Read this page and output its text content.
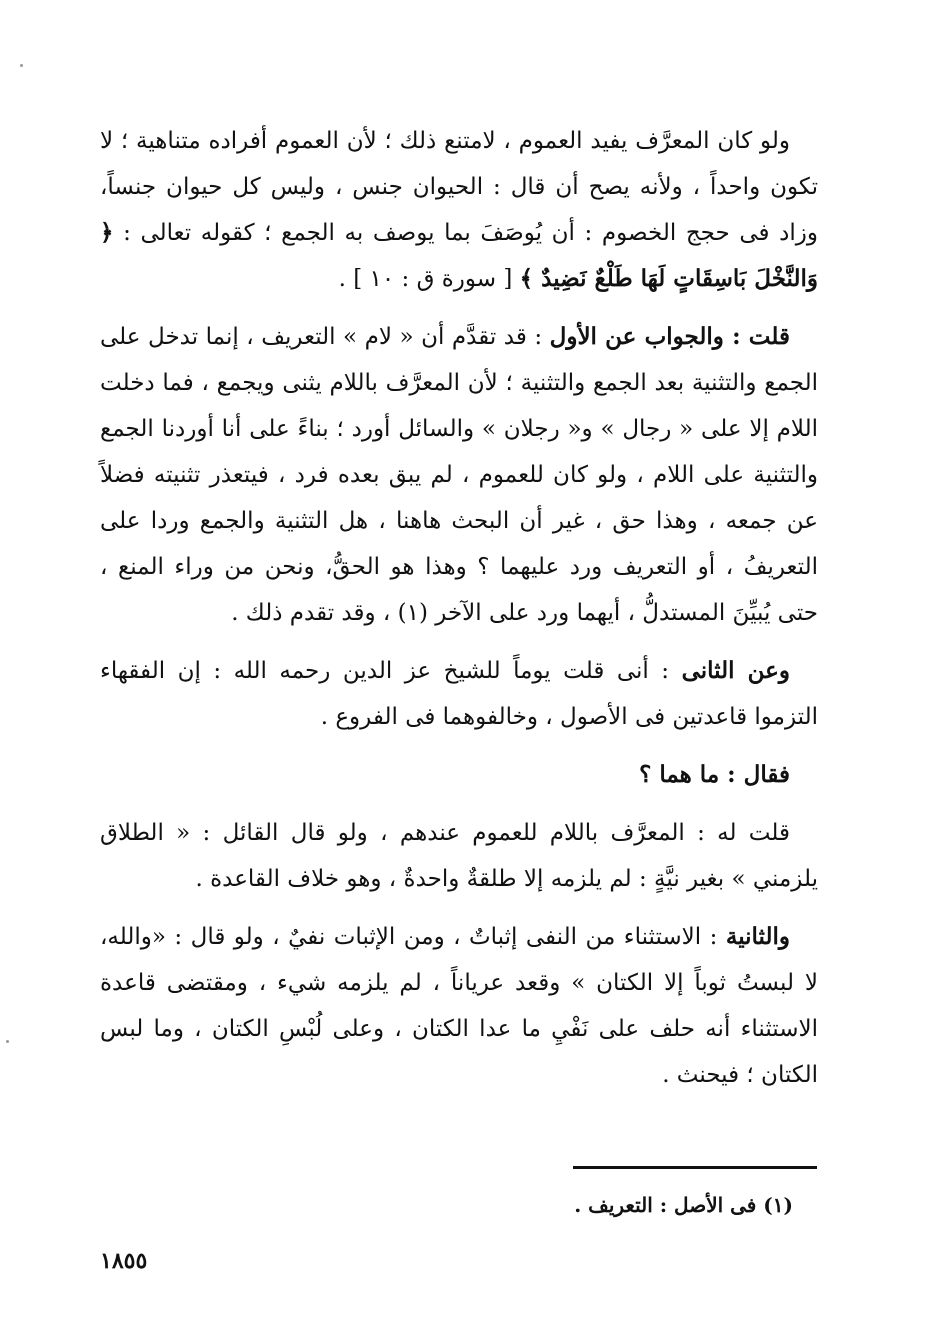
ولو كان المعرَّف يفيد العموم ، لامتنع ذلك ؛ لأن العموم أفراده متناهية ؛ لا تكون واحداً ، ولأنه يصح أن قال : الحيوان جنس ، وليس كل حيوان جنساً، وزاد فى حجج الخصوم : أن يُوصَفَ بما يوصف به الجمع ؛ كقوله تعالى : ﴿ وَالنَّخْلَ بَاسِقَاتٍ لَهَا طَلْعٌ نَضِيدٌ ﴾ [ سورة ق : ١٠ ] .

قلت : والجواب عن الأول : قد تقدَّم أن « لام » التعريف ، إنما تدخل على الجمع والتثنية بعد الجمع والتثنية ؛ لأن المعرَّف باللام يثنى ويجمع ، فما دخلت اللام إلا على « رجال » و« رجلان » والسائل أورد ؛ بناءً على أنا أوردنا الجمع والتثنية على اللام ، ولو كان للعموم ، لم يبق بعده فرد ، فيتعذر تثنيته فضلاً عن جمعه ، وهذا حق ، غير أن البحث هاهنا ، هل التثنية والجمع وردا على التعريفُ ، أو التعريف ورد عليهما ؟ وهذا هو الحقُّ، ونحن من وراء المنع ، حتى يُبيِّنَ المستدلُّ ، أيهما ورد على الآخر (١) ، وقد تقدم ذلك .

وعن الثانى : أنى قلت يوماً للشيخ عز الدين رحمه الله : إن الفقهاء التزموا قاعدتين فى الأصول ، وخالفوهما فى الفروع .

فقال : ما هما ؟

قلت له : المعرَّف باللام للعموم عندهم ، ولو قال القائل : « الطلاق يلزمني » بغير نيَّةٍ : لم يلزمه إلا طلقةٌ واحدةٌ ، وهو خلاف القاعدة .

والثانية : الاستثناء من النفى إثباتٌ ، ومن الإثبات نفيٌ ، ولو قال : «والله، لا لبستُ ثوباً إلا الكتان » وقعد عرياناً ، لم يلزمه شيء ، ومقتضى قاعدة الاستثناء أنه حلف على نَفْيِ ما عدا الكتان ، وعلى لُبْسِ الكتان ، وما لبس الكتان ؛ فيحنث .

(١) فى الأصل : التعريف .
١٨٥٥
